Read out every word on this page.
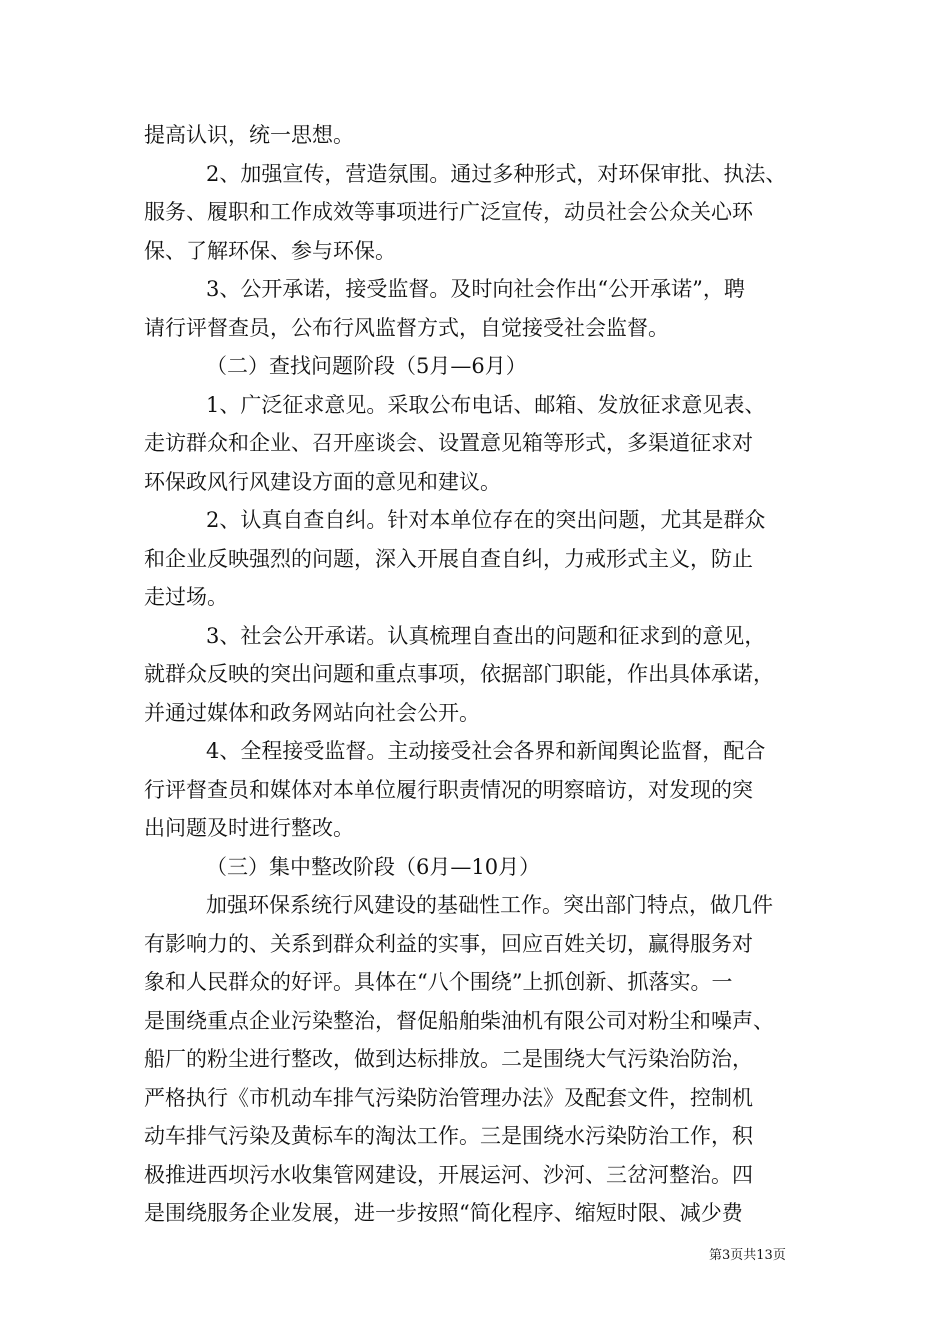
提高认识，统一思想。
2、加强宣传，营造氛围。通过多种形式，对环保审批、执法、
服务、履职和工作成效等事项进行广泛宣传，动员社会公众关心环
保、了解环保、参与环保。
3、公开承诺，接受监督。及时向社会作出“公开承诺”，聘
请行评督查员，公布行风监督方式，自觉接受社会监督。
（二）查找问题阶段（5月—6月）
1、广泛征求意见。采取公布电话、邮箱、发放征求意见表、
走访群众和企业、召开座谈会、设置意见箱等形式，多渠道征求对
环保政风行风建设方面的意见和建议。
2、认真自查自纠。针对本单位存在的突出问题，尤其是群众
和企业反映强烈的问题，深入开展自查自纠，力戒形式主义，防止
走过场。
3、社会公开承诺。认真梳理自查出的问题和征求到的意见，
就群众反映的突出问题和重点事项，依据部门职能，作出具体承诺，
并通过媒体和政务网站向社会公开。
4、全程接受监督。主动接受社会各界和新闻舆论监督，配合
行评督查员和媒体对本单位履行职责情况的明察暗访，对发现的突
出问题及时进行整改。
（三）集中整改阶段（6月—10月）
加强环保系统行风建设的基础性工作。突出部门特点，做几件
有影响力的、关系到群众利益的实事，回应百姓关切，赢得服务对
象和人民群众的好评。具体在“八个围绕”上抓创新、抓落实。一
是围绕重点企业污染整治，督促船舶柴油机有限公司对粉尘和噪声、
船厂的粉尘进行整改，做到达标排放。二是围绕大气污染治防治，
严格执行《市机动车排气污染防治管理办法》及配套文件，控制机
动车排气污染及黄标车的淘汰工作。三是围绕水污染防治工作，积
极推进西坝污水收集管网建设，开展运河、沙河、三岔河整治。四
是围绕服务企业发展，进一步按照“简化程序、缩短时限、减少费
第3页共13页
